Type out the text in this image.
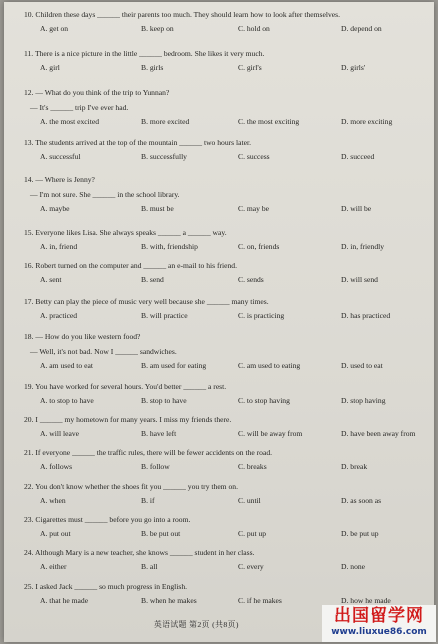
10. Children these days ______ their parents too much. They should learn how to look after themselves.
A. get on	B. keep on	C. hold on	D. depend on
11. There is a nice picture in the little ______ bedroom. She likes it very much.
A. girl	B. girls	C. girl's	D. girls'
12. — What do you think of the trip to Yunnan?
— It's ______ trip I've ever had.
A. the most excited	B. more excited	C. the most exciting	D. more exciting
13. The students arrived at the top of the mountain ______ two hours later.
A. successful	B. successfully	C. success	D. succeed
14. — Where is Jenny?
— I'm not sure. She ______ in the school library.
A. maybe	B. must be	C. may be	D. will be
15. Everyone likes Lisa. She always speaks ______ a ______ way.
A. in, friend	B. with, friendship	C. on, friends	D. in, friendly
16. Robert turned on the computer and ______ an e-mail to his friend.
A. sent	B. send	C. sends	D. will send
17. Betty can play the piece of music very well because she ______ many times.
A. practiced	B. will practice	C. is practicing	D. has practiced
18. — How do you like western food?
— Well, it's not bad. Now I ______ sandwiches.
A. am used to eat	B. am used for eating	C. am used to eating	D. used to eat
19. You have worked for several hours. You'd better ______ a rest.
A. to stop to have	B. stop to have	C. to stop having	D. stop having
20. I ______ my hometown for many years. I miss my friends there.
A. will leave	B. have left	C. will be away from	D. have been away from
21. If everyone ______ the traffic rules, there will be fewer accidents on the road.
A. follows	B. follow	C. breaks	D. break
22. You don't know whether the shoes fit you ______ you try them on.
A. when	B. if	C. until	D. as soon as
23. Cigarettes must ______ before you go into a room.
A. put out	B. be put out	C. put up	D. be put up
24. Although Mary is a new teacher, she knows ______ student in her class.
A. either	B. all	C. every	D. none
25. I asked Jack ______ so much progress in English.
A. that he made	B. when he makes	C. if he makes	D. how he made
英语试题 第2页 (共8页)	出国留学网
www.liuxue86.com
